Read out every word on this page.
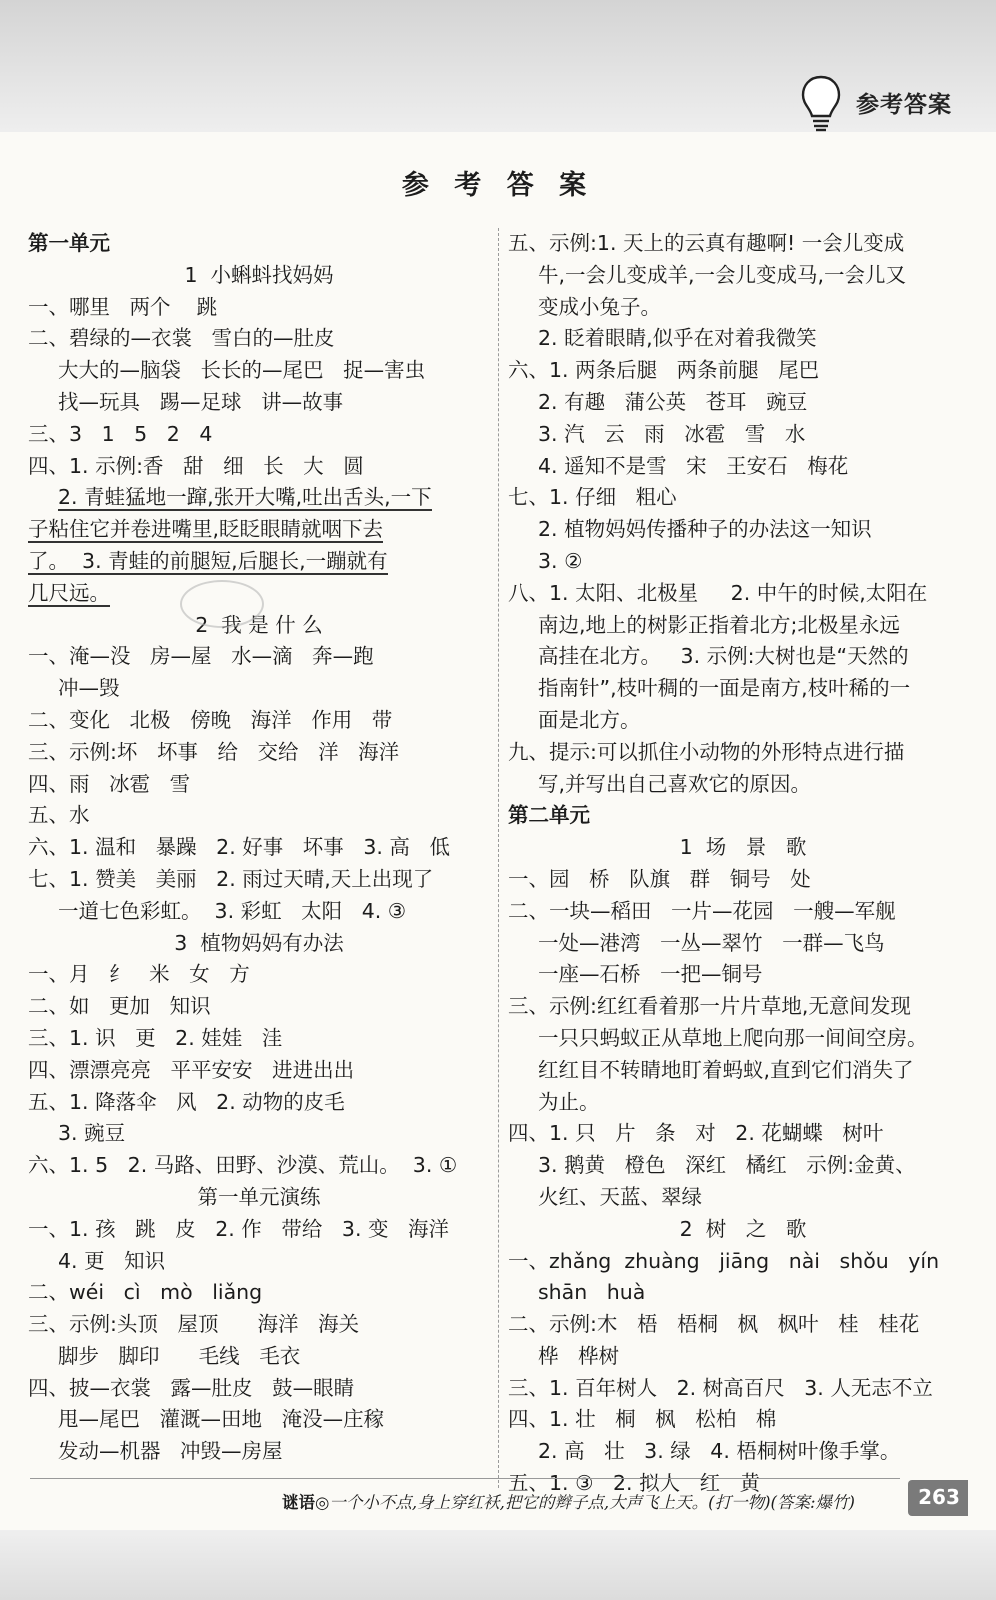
参考答案
参 考 答 案
第一单元
1  小蝌蚪找妈妈
一、哪里   两个    跳
二、碧绿的—衣裳   雪白的—肚皮
大大的—脑袋   长长的—尾巴   捉—害虫
找—玩具   踢—足球   讲—故事
三、3   1   5   2   4
四、1. 示例:香   甜   细   长   大   圆
2. 青蛙猛地一蹿,张开大嘴,吐出舌头,一下
子粘住它并卷进嘴里,眨眨眼睛就咽下去
了。  3. 青蛙的前腿短,后腿长,一蹦就有
几尺远。
2  我 是 什 么
一、淹—没   房—屋   水—滴   奔—跑
冲—毁
二、变化   北极   傍晚   海洋   作用   带
三、示例:坏   坏事   给   交给   洋   海洋
四、雨   冰雹   雪
五、水
六、1. 温和   暴躁   2. 好事   坏事   3. 高   低
七、1. 赞美   美丽   2. 雨过天晴,天上出现了
一道七色彩虹。  3. 彩虹   太阳   4. ③
3  植物妈妈有办法
一、月   纟   米   女   方
二、如   更加   知识
三、1. 识   更   2. 娃娃   洼
四、漂漂亮亮   平平安安   进进出出
五、1. 降落伞   风   2. 动物的皮毛
3. 豌豆
六、1. 5   2. 马路、田野、沙漠、荒山。  3. ①
第一单元演练
一、1. 孩   跳   皮   2. 作   带给   3. 变   海洋
4. 更   知识
二、wéi   cì   mò   liǎng
三、示例:头顶   屋顶      海洋   海关
脚步   脚印      毛线   毛衣
四、披—衣裳   露—肚皮   鼓—眼睛
甩—尾巴   灌溉—田地   淹没—庄稼
发动—机器   冲毁—房屋
五、示例:1. 天上的云真有趣啊! 一会儿变成
牛,一会儿变成羊,一会儿变成马,一会儿又
变成小兔子。
2. 眨着眼睛,似乎在对着我微笑
六、1. 两条后腿   两条前腿   尾巴
2. 有趣   蒲公英   苍耳   豌豆
3. 汽   云   雨   冰雹   雪   水
4. 遥知不是雪   宋   王安石   梅花
七、1. 仔细   粗心
2. 植物妈妈传播种子的办法这一知识
3. ②
八、1. 太阳、北极星     2. 中午的时候,太阳在
南边,地上的树影正指着北方;北极星永远
高挂在北方。   3. 示例:大树也是“天然的
指南针”,枝叶稠的一面是南方,枝叶稀的一
面是北方。
九、提示:可以抓住小动物的外形特点进行描
写,并写出自己喜欢它的原因。
第二单元
1  场   景   歌
一、园   桥   队旗   群   铜号   处
二、一块—稻田   一片—花园   一艘—军舰
一处—港湾   一丛—翠竹   一群—飞鸟
一座—石桥   一把—铜号
三、示例:红红看着那一片片草地,无意间发现
一只只蚂蚁正从草地上爬向那一间间空房。
红红目不转睛地盯着蚂蚁,直到它们消失了
为止。
四、1. 只   片   条   对   2. 花蝴蝶   树叶
3. 鹅黄   橙色   深红   橘红   示例:金黄、
火红、天蓝、翠绿
2  树   之   歌
一、zhǎng  zhuàng   jiāng   nài   shǒu   yín
shān   huà
二、示例:木   梧   梧桐   枫   枫叶   桂   桂花
桦   桦树
三、1. 百年树人   2. 树高百尺   3. 人无志不立
四、1. 壮   桐   枫   松柏   棉
2. 高   壮   3. 绿   4. 梧桐树叶像手掌。
五、1. ③   2. 拟人   红   黄
谜语◎一个小不点,身上穿红袄,把它的辫子点,大声飞上天。(打一物)(答案:爆竹)	263
